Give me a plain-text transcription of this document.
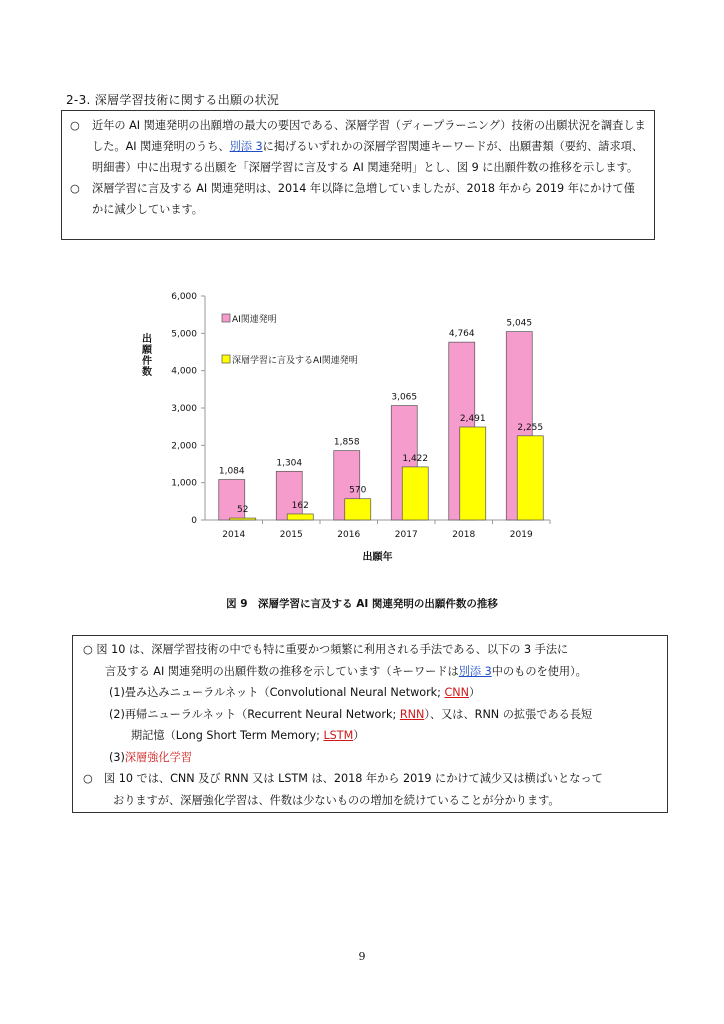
2-3. 深層学習技術に関する出願の状況
○	近年の AI 関連発明の出願増の最大の要因である、深層学習（ディープラーニング）技術の出願状況を調査しました。AI 関連発明のうち、別添 3に掲げるいずれかの深層学習関連キーワードが、出願書類（要約、請求項、明細書）中に出現する出願を「深層学習に言及する AI 関連発明」とし、図 9 に出願件数の推移を示します。
○	深層学習に言及する AI 関連発明は、2014 年以降に急増していましたが、2018 年から 2019 年にかけて僅かに減少しています。
0
1,000
2,000
3,000
4,000
5,000
6,000
2014
1,084
52
2015
1,304
162
2016
1,858
570
2017
3,065
1,422
2018
4,764
2,491
2019
5,045
2,255
AI関連発明
深層学習に言及するAI関連発明
出願年
出
願
件
数
図 9　深層学習に言及する AI 関連発明の出願件数の推移
○ 図 10 は、深層学習技術の中でも特に重要かつ頻繁に利用される手法である、以下の 3 手法に
言及する AI 関連発明の出願件数の推移を示しています（キーワードは別添 3中のものを使用）。
(1)畳み込みニューラルネット（Convolutional Neural Network; CNN）
(2)再帰ニューラルネット（Recurrent Neural Network; RNN）、又は、RNN の拡張である長短
期記憶（Long Short Term Memory; LSTM）
(3)深層強化学習
○　 図 10 では、CNN 及び RNN 又は LSTM は、2018 年から 2019 にかけて減少又は横ばいとなって
おりますが、深層強化学習は、件数は少ないものの増加を続けていることが分かります。
9
